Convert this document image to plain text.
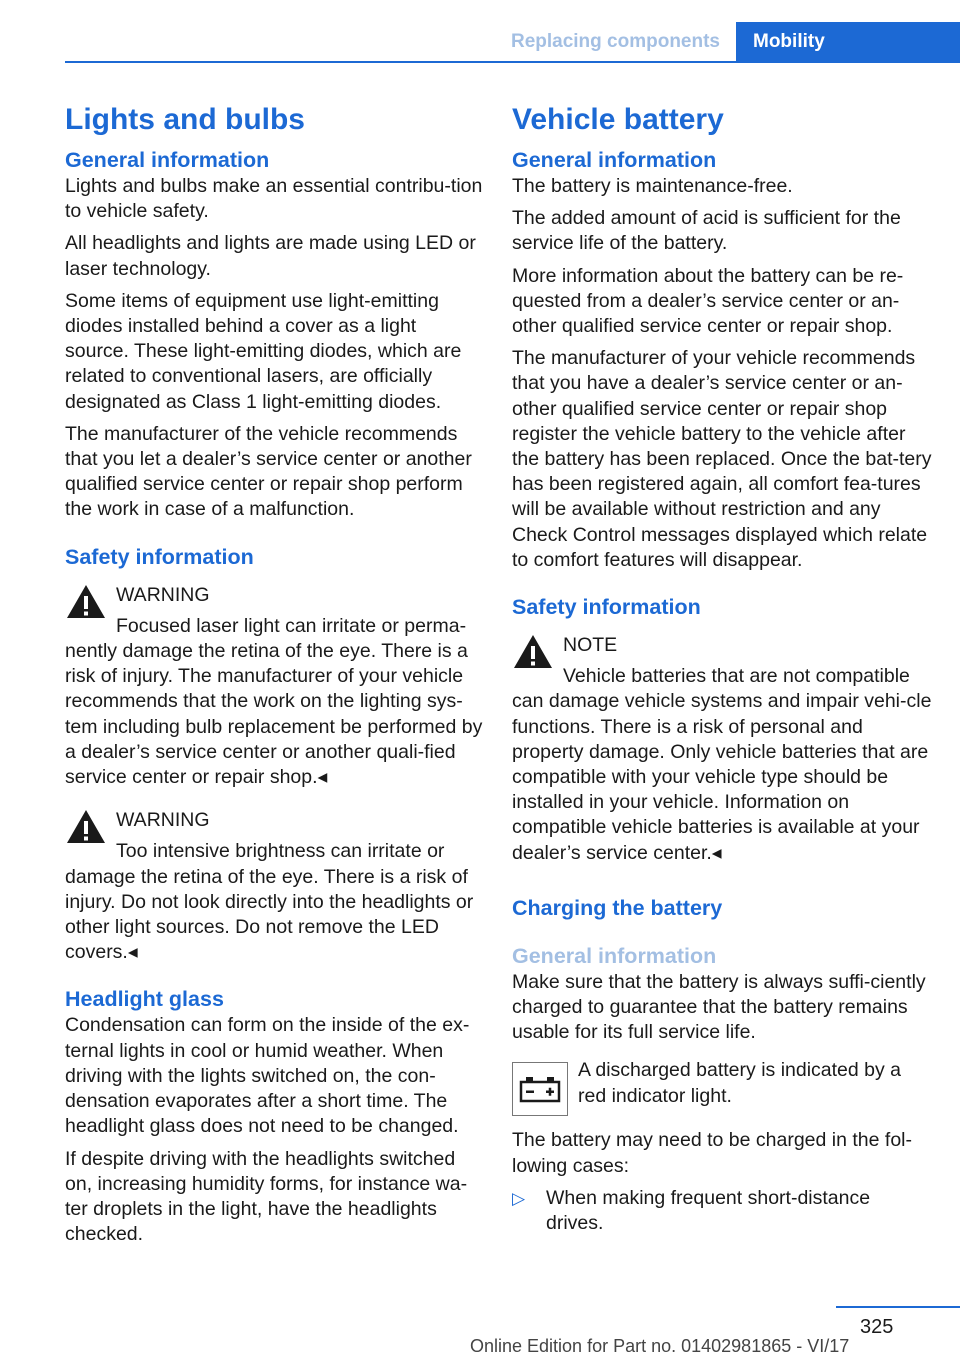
Replacing components	Mobility
Lights and bulbs
General information

Lights and bulbs make an essential contribu‐tion to vehicle safety.

All headlights and lights are made using LED or laser technology.

Some items of equipment use light-emitting diodes installed behind a cover as a light source. These light-emitting diodes, which are related to conventional lasers, are officially designated as Class 1 light-emitting diodes.

The manufacturer of the vehicle recommends that you let a dealer’s service center or another qualified service center or repair shop perform the work in case of a malfunction.

Safety information
WARNING

Focused laser light can irritate or perma‐

nently damage the retina of the eye. There is a risk of injury. The manufacturer of your vehicle recommends that the work on the lighting sys‐tem including bulb replacement be performed by a dealer’s service center or another quali‐fied service center or repair shop.◂

WARNING

Too intensive brightness can irritate or

damage the retina of the eye. There is a risk of injury. Do not look directly into the headlights or other light sources. Do not remove the LED covers.◂

Headlight glass

Condensation can form on the inside of the ex‐ternal lights in cool or humid weather. When driving with the lights switched on, the con‐densation evaporates after a short time. The headlight glass does not need to be changed.

If despite driving with the headlights switched on, increasing humidity forms, for instance wa‐ter droplets in the light, have the headlights checked.

Vehicle battery
General information

The battery is maintenance-free.

The added amount of acid is sufficient for the service life of the battery.

More information about the battery can be re‐quested from a dealer’s service center or an‐other qualified service center or repair shop.

The manufacturer of your vehicle recommends that you have a dealer’s service center or an‐other qualified service center or repair shop register the vehicle battery to the vehicle after the battery has been replaced. Once the bat‐tery has been registered again, all comfort fea‐tures will be available without restriction and any Check Control messages displayed which relate to comfort features will disappear.

Safety information
NOTE

Vehicle batteries that are not compatible

can damage vehicle systems and impair vehi‐cle functions. There is a risk of personal and property damage. Only vehicle batteries that are compatible with your vehicle type should be installed in your vehicle. Information on compatible vehicle batteries is available at your dealer’s service center.◂

Charging the battery
General information

Make sure that the battery is always suffi‐ciently charged to guarantee that the battery remains usable for its full service life.

A discharged battery is indicated by a red indicator light.

The battery may need to be charged in the fol‐lowing cases:

▷ When making frequent short-distance drives.

325
Online Edition for Part no. 01402981865 - VI/17
